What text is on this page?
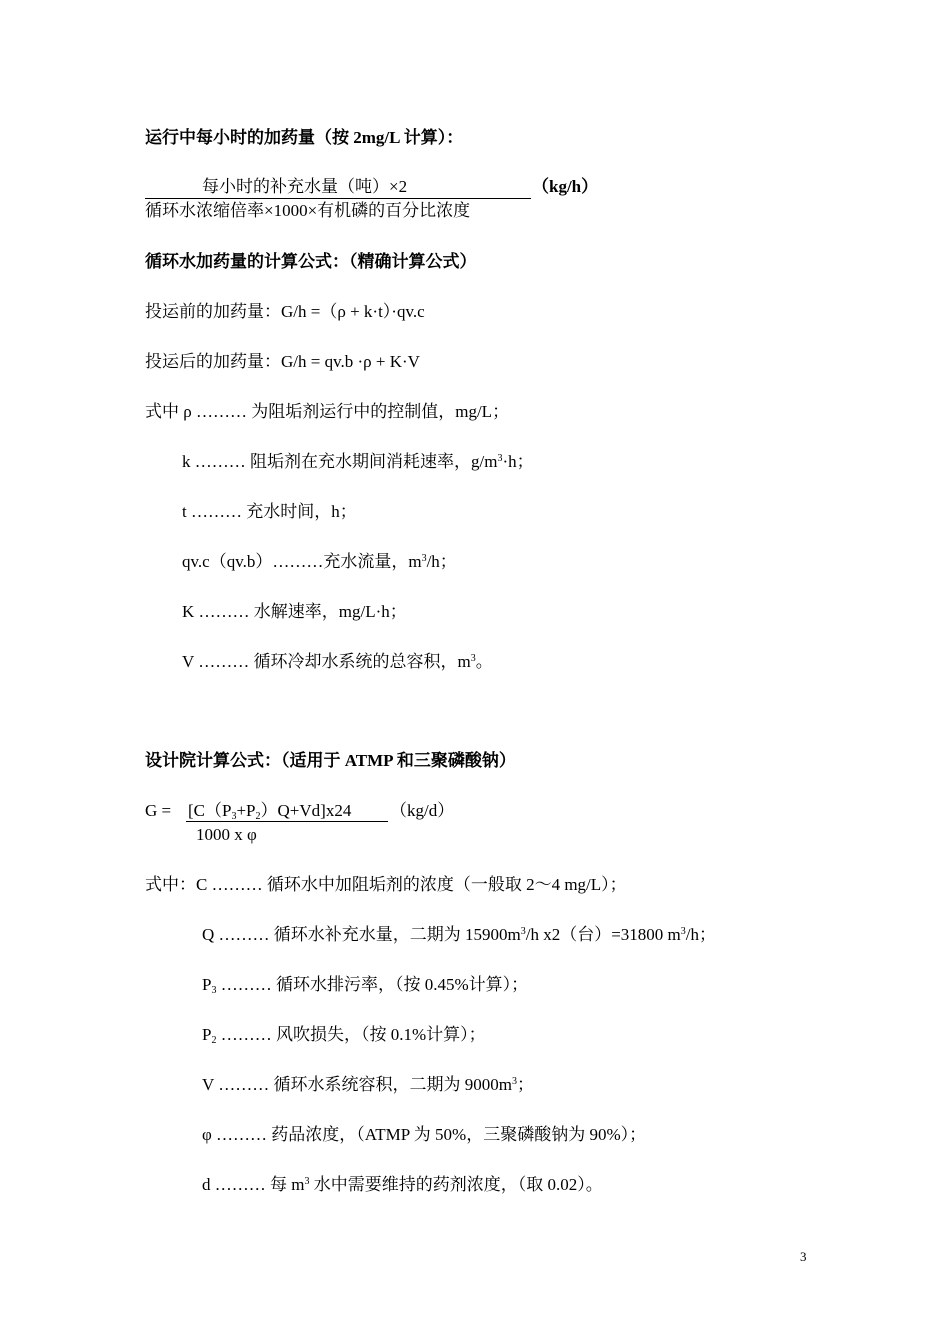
运行中每小时的加药量（按 2mg/L 计算）：
每小时的补充水量（吨）×2	（kg/h）
循环水浓缩倍率×1000×有机磷的百分比浓度
循环水加药量的计算公式：（精确计算公式）
投运前的加药量：G/h =（ρ + k·t）·qv.c
投运后的加药量：G/h = qv.b ·ρ + K·V
式中 ρ ……… 为阻垢剂运行中的控制值，mg/L；
k ……… 阻垢剂在充水期间消耗速率，$g/m^3\cdot h$；
t ……… 充水时间，h；
qv.c（qv.b）………充水流量，$m^3/h$；
K ……… 水解速率，mg/L·h；
V ……… 循环冷却水系统的总容积，$m^3$。
设计院计算公式：（适用于 ATMP 和三聚磷酸钠）
$G = [C(P_3+P_2)Q+Vd]x24$ （kg/d）
1000 x φ
式中：C ……… 循环水中加阻垢剂的浓度（一般取 2～4 mg/L）；
Q ……… 循环水补充水量，二期为 $15900m^3/h$ x2（台）=31800 $m^3/h$；
$P_3$ ……… 循环水排污率，（按 0.45%计算）；
$P_2$ ……… 风吹损失，（按 0.1%计算）；
V ……… 循环水系统容积，二期为 $9000m^3$；
φ ……… 药品浓度，（ATMP 为 50%，三聚磷酸钠为 90%）；
d ……… 每 $m^3$ 水中需要维持的药剂浓度，（取 0.02）。
3
